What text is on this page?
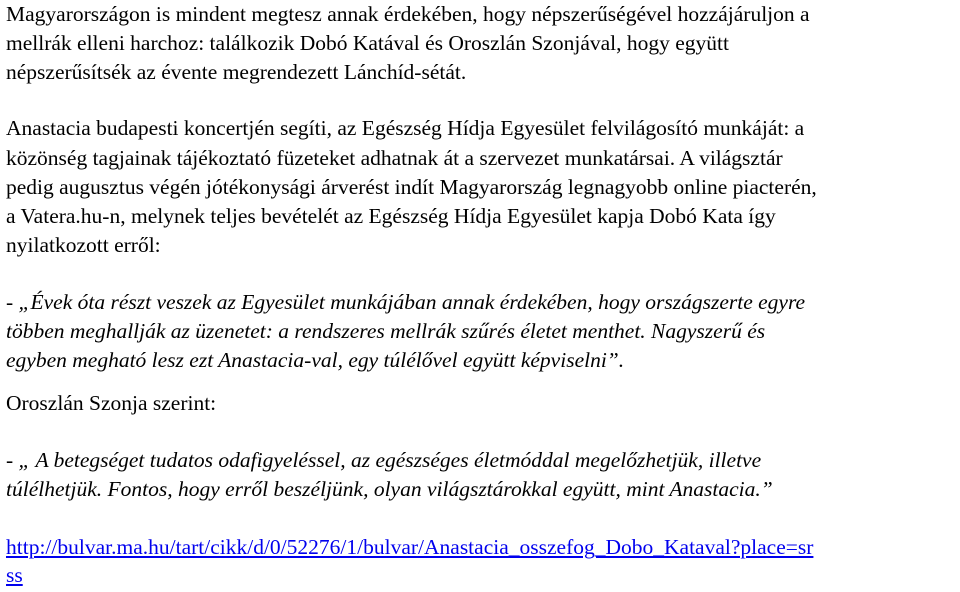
Magyarországon is mindent megtesz annak érdekében, hogy népszerűségével hozzájáruljon a
mellrák elleni harchoz: találkozik Dobó Katával és Oroszlán Szonjával, hogy együtt
népszerűsítsék az évente megrendezett Lánchíd-sétát.
Anastacia budapesti koncertjén segíti, az Egészség Hídja Egyesület felvilágosító munkáját: a
közönség tagjainak tájékoztató füzeteket adhatnak át a szervezet munkatársai. A világsztár
pedig augusztus végén jótékonysági árverést indít Magyarország legnagyobb online piacterén,
a Vatera.hu-n, melynek teljes bevételét az Egészség Hídja Egyesület kapja Dobó Kata így
nyilatkozott erről:
- „Évek óta részt veszek az Egyesület munkájában annak érdekében, hogy országszerte egyre
többen meghallják az üzenetet: a rendszeres mellrák szűrés életet menthet. Nagyszerű és
egyben megható lesz ezt Anastacia-val, egy túlélővel együtt képviselni”.
Oroszlán Szonja szerint:
- „ A betegséget tudatos odafigyeléssel, az egészséges életmóddal megelőzhetjük, illetve
túlélhetjük. Fontos, hogy erről beszéljünk, olyan világsztárokkal együtt, mint Anastacia.”
http://bulvar.ma.hu/tart/cikk/d/0/52276/1/bulvar/Anastacia_osszefog_Dobo_Kataval?place=sr
ss
